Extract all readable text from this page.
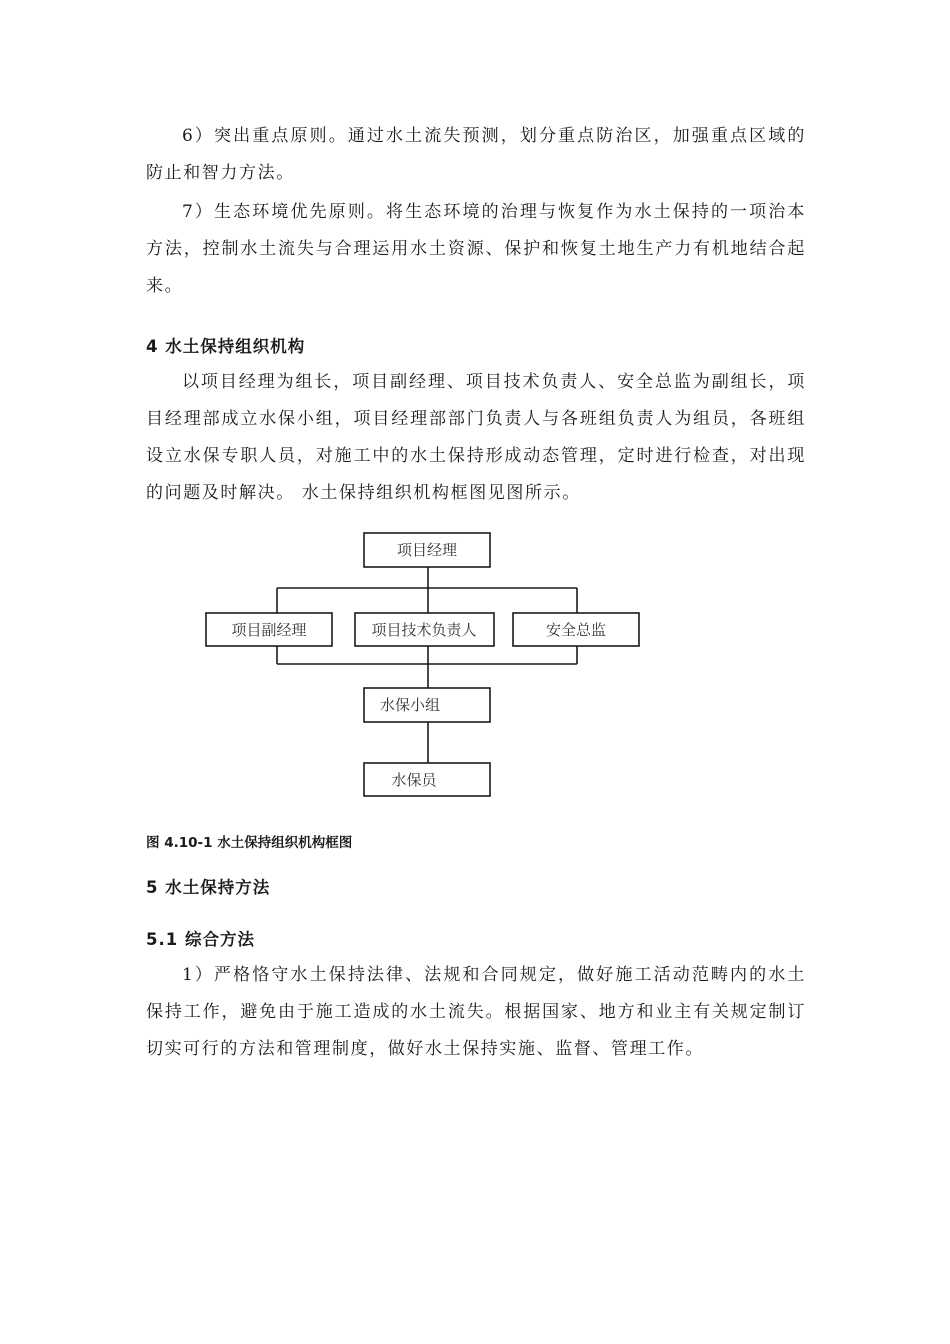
6）突出重点原则。通过水土流失预测，划分重点防治区，加强重点区域的防止和智力方法。

7）生态环境优先原则。将生态环境的治理与恢复作为水土保持的一项治本方法，控制水土流失与合理运用水土资源、保护和恢复土地生产力有机地结合起来。

4 水土保持组织机构

以项目经理为组长，项目副经理、项目技术负责人、安全总监为副组长，项目经理部成立水保小组，项目经理部部门负责人与各班组负责人为组员，各班组设立水保专职人员，对施工中的水土保持形成动态管理，定时进行检查，对出现的问题及时解决。 水土保持组织机构框图见图所示。

项目经理
项目副经理	项目技术负责人	安全总监
水保小组
水保员

图 4.10-1 水土保持组织机构框图

5 水土保持方法
5.1 综合方法

1）严格恪守水土保持法律、法规和合同规定，做好施工活动范畴内的水土保持工作，避免由于施工造成的水土流失。根据国家、地方和业主有关规定制订切实可行的方法和管理制度，做好水土保持实施、监督、管理工作。
